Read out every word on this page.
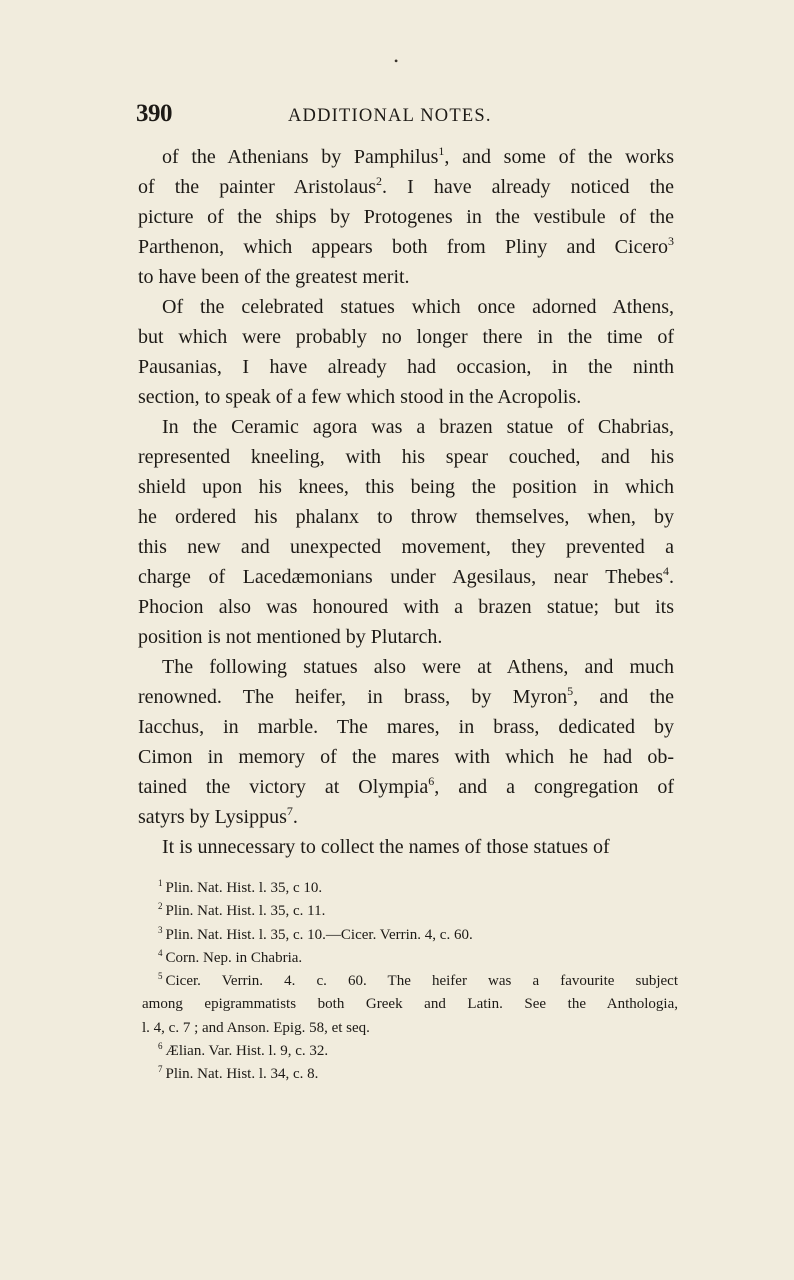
•
390	ADDITIONAL NOTES.
of the Athenians by Pamphilus$^1$, and some of the works
of the painter Aristolaus$^2$. I have already noticed the
picture of the ships by Protogenes in the vestibule of the
Parthenon, which appears both from Pliny and Cicero$^3$
to have been of the greatest merit.
Of the celebrated statues which once adorned Athens,
but which were probably no longer there in the time of
Pausanias, I have already had occasion, in the ninth
section, to speak of a few which stood in the Acropolis.
In the Ceramic agora was a brazen statue of Chabrias,
represented kneeling, with his spear couched, and his
shield upon his knees, this being the position in which
he ordered his phalanx to throw themselves, when, by
this new and unexpected movement, they prevented a
charge of Lacedæmonians under Agesilaus, near Thebes$^4$.
Phocion also was honoured with a brazen statue; but its
position is not mentioned by Plutarch.
The following statues also were at Athens, and much
renowned. The heifer, in brass, by Myron$^5$, and the
Iacchus, in marble. The mares, in brass, dedicated by
Cimon in memory of the mares with which he had ob-
tained the victory at Olympia$^6$, and a congregation of
satyrs by Lysippus$^7$.
It is unnecessary to collect the names of those statues of
$^1$ Plin. Nat. Hist. l. 35, c 10.
$^2$ Plin. Nat. Hist. l. 35, c. 11.
$^3$ Plin. Nat. Hist. l. 35, c. 10.—Cicer. Verrin. 4, c. 60.
$^4$ Corn. Nep. in Chabria.
$^5$ Cicer. Verrin. 4. c. 60. The heifer was a favourite subject
among epigrammatists both Greek and Latin. See the Anthologia,
l. 4, c. 7 ; and Anson. Epig. 58, et seq.
$^6$ Ælian. Var. Hist. l. 9, c. 32.
$^7$ Plin. Nat. Hist. l. 34, c. 8.
